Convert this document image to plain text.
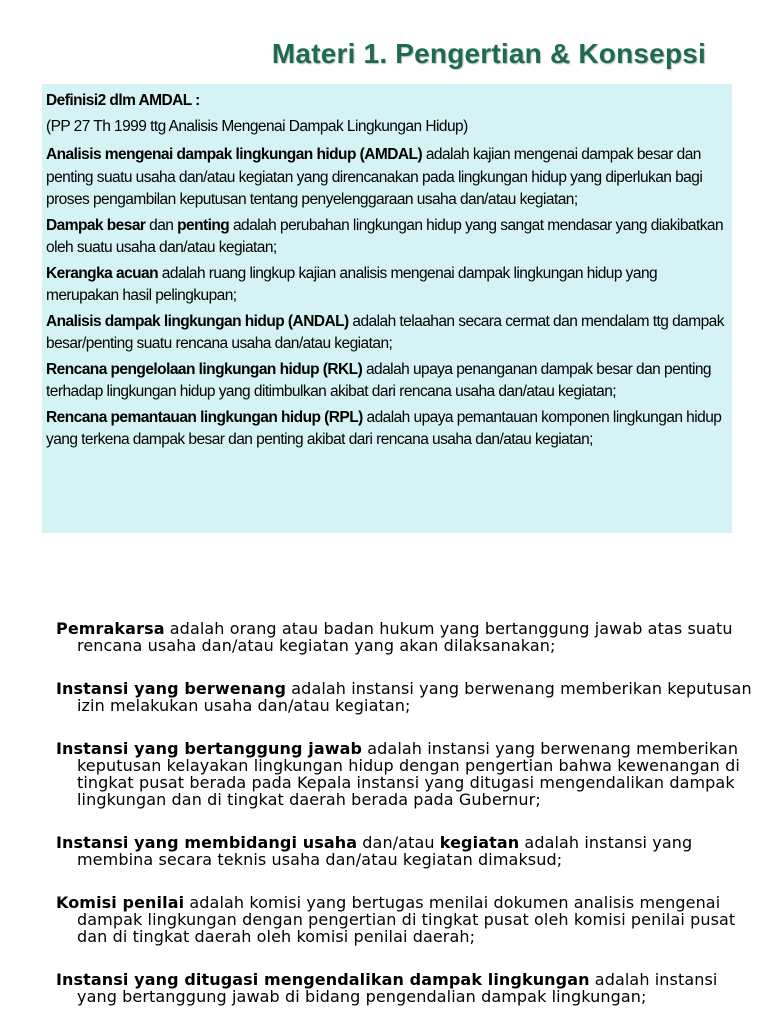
Materi 1. Pengertian & Konsepsi

Definisi2 dlm AMDAL :

(PP 27 Th 1999 ttg Analisis Mengenai Dampak Lingkungan Hidup)

Analisis mengenai dampak lingkungan hidup (AMDAL) adalah kajian mengenai dampak besar dan penting suatu usaha dan/atau kegiatan yang direncanakan pada lingkungan hidup yang diperlukan bagi proses pengambilan keputusan tentang penyelenggaraan usaha dan/atau kegiatan;

Dampak besar dan penting adalah perubahan lingkungan hidup yang sangat mendasar yang diakibatkan oleh suatu usaha dan/atau kegiatan;

Kerangka acuan adalah ruang lingkup kajian analisis mengenai dampak lingkungan hidup yang merupakan hasil pelingkupan;

Analisis dampak lingkungan hidup (ANDAL) adalah telaahan secara cermat dan mendalam ttg dampak besar/penting suatu rencana usaha dan/atau kegiatan;

Rencana pengelolaan lingkungan hidup (RKL) adalah upaya penanganan dampak besar dan penting terhadap lingkungan hidup yang ditimbulkan akibat dari rencana usaha dan/atau kegiatan;

Rencana pemantauan lingkungan hidup (RPL) adalah upaya pemantauan komponen lingkungan hidup yang terkena dampak besar dan penting akibat dari rencana usaha dan/atau kegiatan;

Pemrakarsa adalah orang atau badan hukum yang bertanggung jawab atas suatu rencana usaha dan/atau kegiatan yang akan dilaksanakan;

Instansi yang berwenang adalah instansi yang berwenang memberikan keputusan izin melakukan usaha dan/atau kegiatan;

Instansi yang bertanggung jawab adalah instansi yang berwenang memberikan keputusan kelayakan lingkungan hidup dengan pengertian bahwa kewenangan di tingkat pusat berada pada Kepala instansi yang ditugasi mengendalikan dampak lingkungan dan di tingkat daerah berada pada Gubernur;

Instansi yang membidangi usaha dan/atau kegiatan adalah instansi yang membina secara teknis usaha dan/atau kegiatan dimaksud;

Komisi penilai adalah komisi yang bertugas menilai dokumen analisis mengenai dampak lingkungan dengan pengertian di tingkat pusat oleh komisi penilai pusat dan di tingkat daerah oleh komisi penilai daerah;

Instansi yang ditugasi mengendalikan dampak lingkungan adalah instansi yang bertanggung jawab di bidang pengendalian dampak lingkungan;
